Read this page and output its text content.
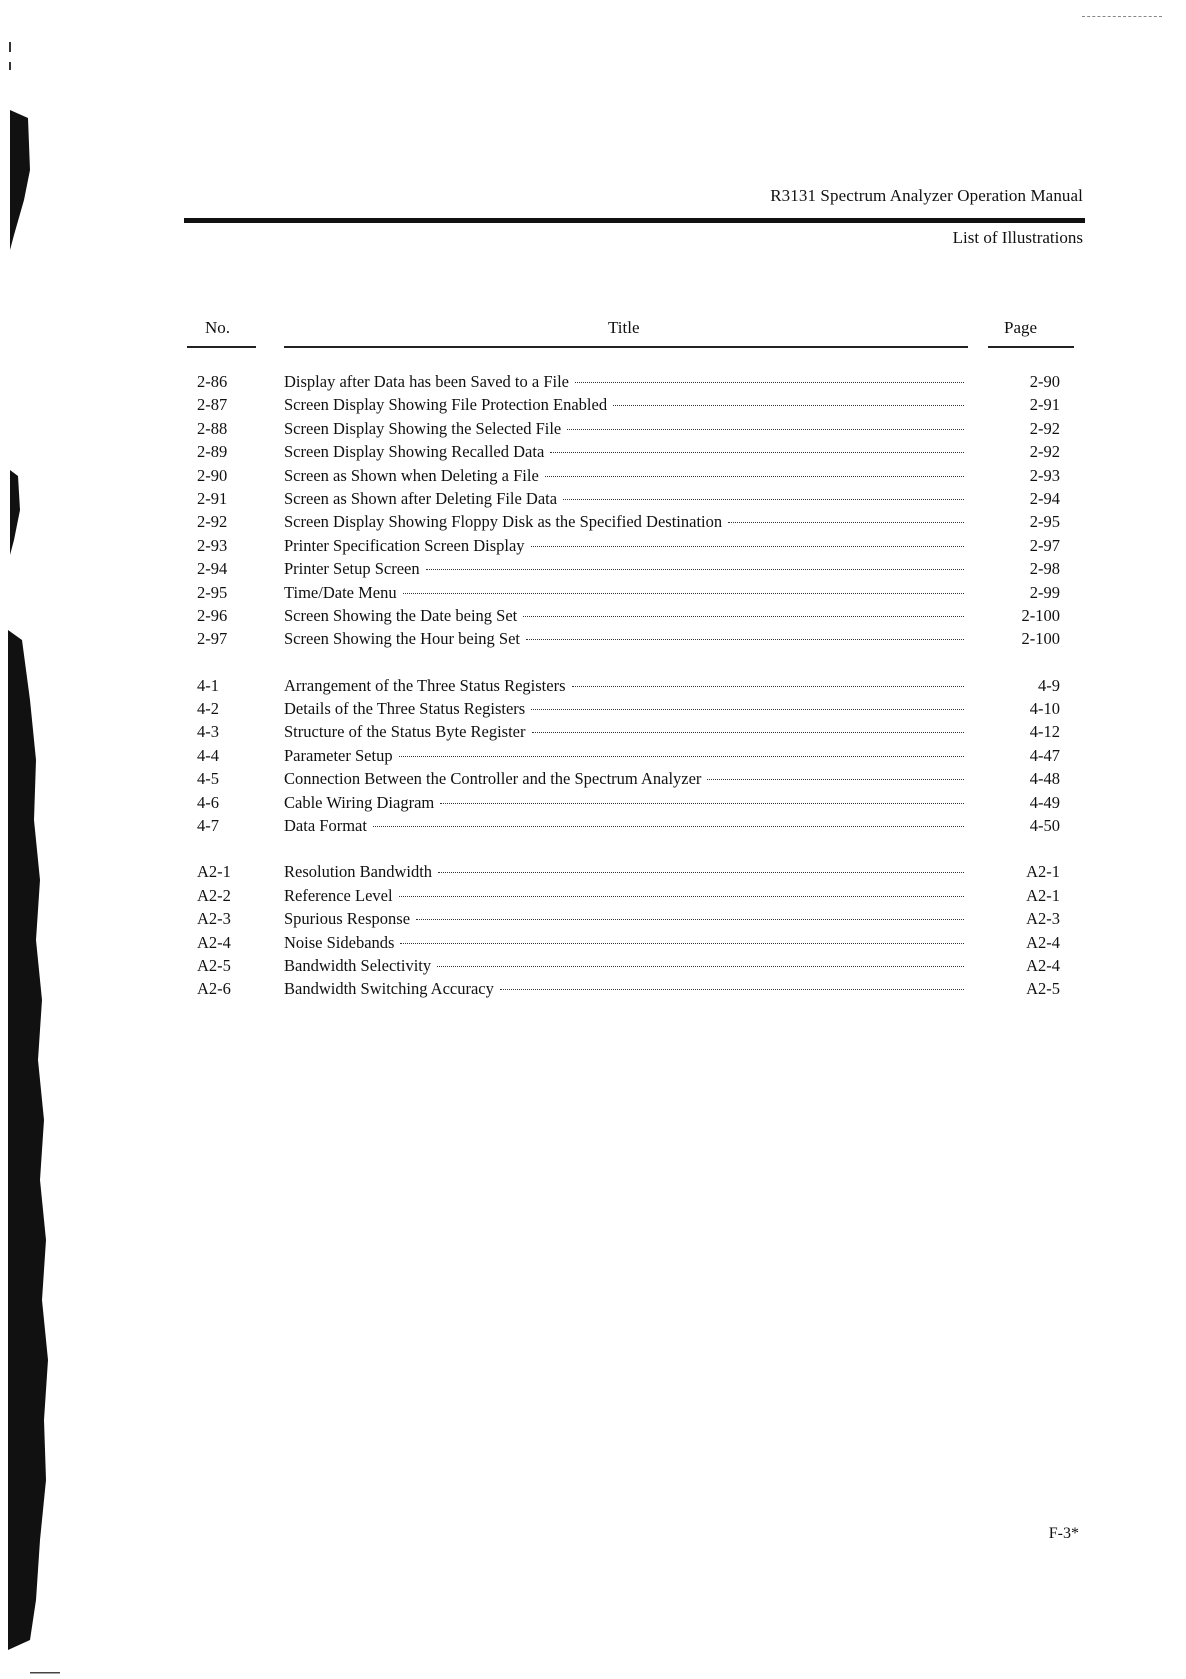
R3131 Spectrum Analyzer Operation Manual
List of Illustrations
No.	Title	Page
2-86	Display after Data has been Saved to a File	2-90
2-87	Screen Display Showing File Protection Enabled	2-91
2-88	Screen Display Showing the Selected File	2-92
2-89	Screen Display Showing Recalled Data	2-92
2-90	Screen as Shown when Deleting a File	2-93
2-91	Screen as Shown after Deleting File Data	2-94
2-92	Screen Display Showing Floppy Disk as the Specified Destination	2-95
2-93	Printer Specification Screen Display	2-97
2-94	Printer Setup Screen	2-98
2-95	Time/Date Menu	2-99
2-96	Screen Showing the Date being Set	2-100
2-97	Screen Showing the Hour being Set	2-100
4-1	Arrangement of the Three Status Registers	4-9
4-2	Details of the Three Status Registers	4-10
4-3	Structure of the Status Byte Register	4-12
4-4	Parameter Setup	4-47
4-5	Connection Between the Controller and the Spectrum Analyzer	4-48
4-6	Cable Wiring Diagram	4-49
4-7	Data Format	4-50
A2-1	Resolution Bandwidth	A2-1
A2-2	Reference Level	A2-1
A2-3	Spurious Response	A2-3
A2-4	Noise Sidebands	A2-4
A2-5	Bandwidth Selectivity	A2-4
A2-6	Bandwidth Switching Accuracy	A2-5
F-3*
